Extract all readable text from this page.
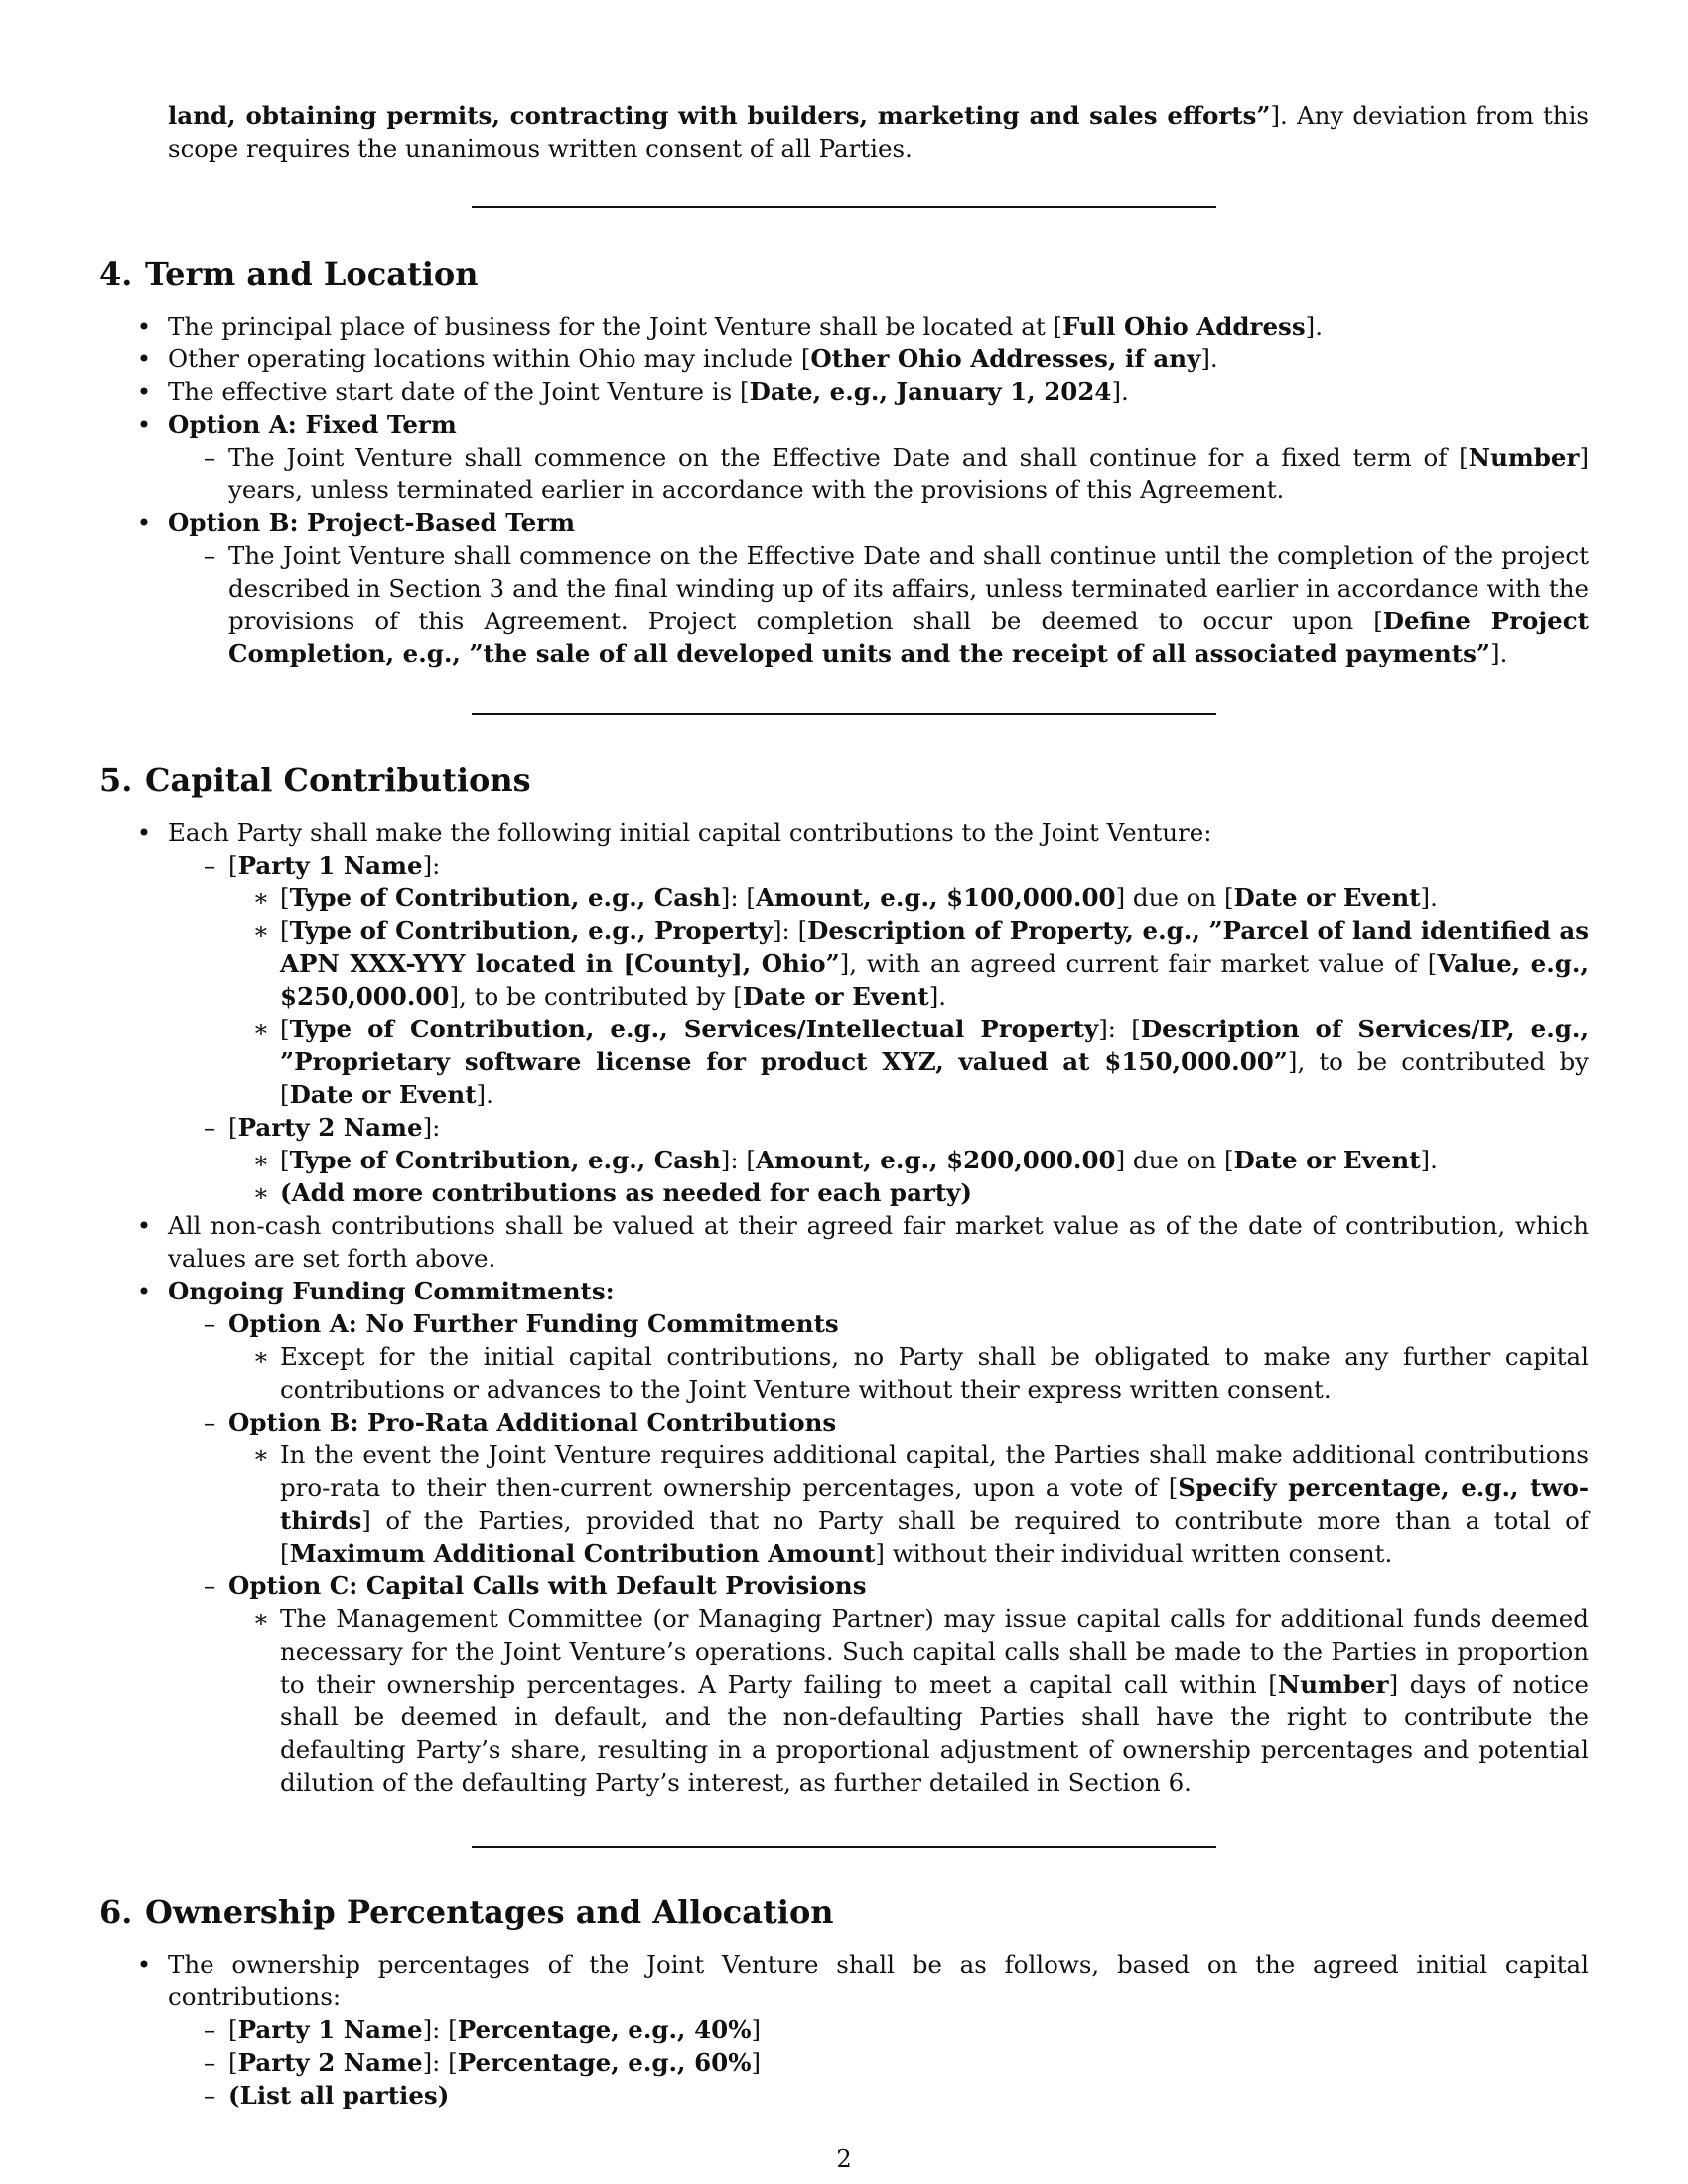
land, obtaining permits, contracting with builders, marketing and sales efforts”]. Any deviation from this scope requires the unanimous written consent of all Parties.
4. Term and Location
• The principal place of business for the Joint Venture shall be located at [Full Ohio Address].
• Other operating locations within Ohio may include [Other Ohio Addresses, if any].
• The effective start date of the Joint Venture is [Date, e.g., January 1, 2024].
• Option A: Fixed Term
– The Joint Venture shall commence on the Effective Date and shall continue for a fixed term of [Number] years, unless terminated earlier in accordance with the provisions of this Agreement.
• Option B: Project-Based Term
– The Joint Venture shall commence on the Effective Date and shall continue until the completion of the project described in Section 3 and the final winding up of its affairs, unless terminated earlier in accordance with the provisions of this Agreement. Project completion shall be deemed to occur upon [Define Project Completion, e.g., ”the sale of all developed units and the receipt of all associated payments”].
5. Capital Contributions
• Each Party shall make the following initial capital contributions to the Joint Venture:
– [Party 1 Name]:
∗ [Type of Contribution, e.g., Cash]: [Amount, e.g., $100,000.00] due on [Date or Event].
∗ [Type of Contribution, e.g., Property]: [Description of Property, e.g., ”Parcel of land identified as APN XXX-YYY located in [County], Ohio”], with an agreed current fair market value of [Value, e.g., $250,000.00], to be contributed by [Date or Event].
∗ [Type of Contribution, e.g., Services/Intellectual Property]: [Description of Services/IP, e.g., ”Proprietary software license for product XYZ, valued at $150,000.00”], to be contributed by [Date or Event].
– [Party 2 Name]:
∗ [Type of Contribution, e.g., Cash]: [Amount, e.g., $200,000.00] due on [Date or Event].
∗ (Add more contributions as needed for each party)
• All non-cash contributions shall be valued at their agreed fair market value as of the date of contribution, which values are set forth above.
• Ongoing Funding Commitments:
– Option A: No Further Funding Commitments
∗ Except for the initial capital contributions, no Party shall be obligated to make any further capital contributions or advances to the Joint Venture without their express written consent.
– Option B: Pro-Rata Additional Contributions
∗ In the event the Joint Venture requires additional capital, the Parties shall make additional contributions pro-rata to their then-current ownership percentages, upon a vote of [Specify percentage, e.g., two-thirds] of the Parties, provided that no Party shall be required to contribute more than a total of [Maximum Additional Contribution Amount] without their individual written consent.
– Option C: Capital Calls with Default Provisions
∗ The Management Committee (or Managing Partner) may issue capital calls for additional funds deemed necessary for the Joint Venture’s operations. Such capital calls shall be made to the Parties in proportion to their ownership percentages. A Party failing to meet a capital call within [Number] days of notice shall be deemed in default, and the non-defaulting Parties shall have the right to contribute the defaulting Party’s share, resulting in a proportional adjustment of ownership percentages and potential dilution of the defaulting Party’s interest, as further detailed in Section 6.
6. Ownership Percentages and Allocation
• The ownership percentages of the Joint Venture shall be as follows, based on the agreed initial capital contributions:
– [Party 1 Name]: [Percentage, e.g., 40%]
– [Party 2 Name]: [Percentage, e.g., 60%]
– (List all parties)
2
